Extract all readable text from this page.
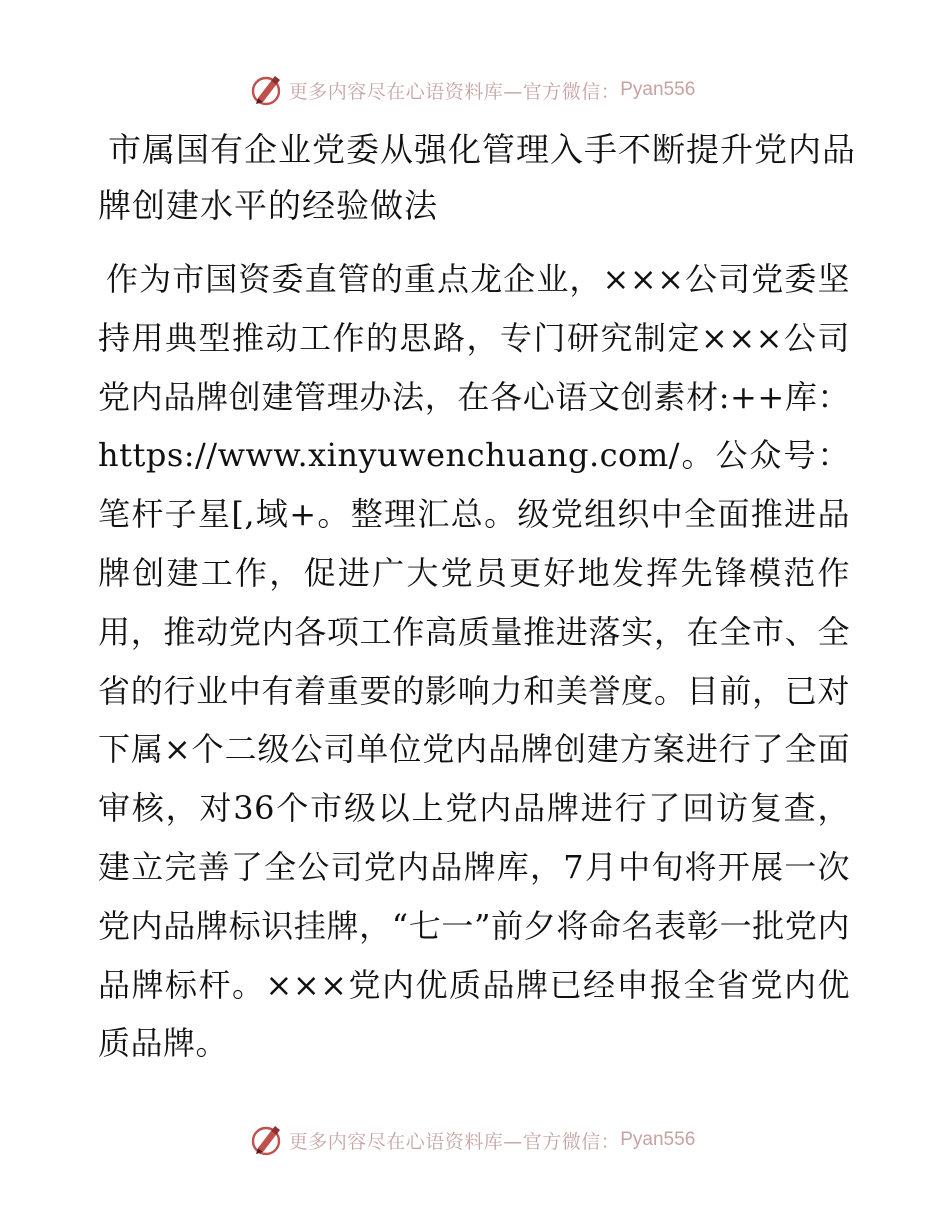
更多内容尽在心语资料库—官方微信： Pyan556
市属国有企业党委从强化管理入手不断提升党内品牌创建水平的经验做法

作为市国资委直管的重点龙企业，×××公司党委坚持用典型推动工作的思路，专门研究制定×××公司党内品牌创建管理办法，在各心语文创素材:++库：https://www.xinyuwenchuang.com/。公众号：笔杆子星[,域+。整理汇总。级党组织中全面推进品牌创建工作，促进广大党员更好地发挥先锋模范作用，推动党内各项工作高质量推进落实，在全市、全省的行业中有着重要的影响力和美誉度。目前，已对下属×个二级公司单位党内品牌创建方案进行了全面审核，对36个市级以上党内品牌进行了回访复查，建立完善了全公司党内品牌库，7月中旬将开展一次党内品牌标识挂牌，“七一”前夕将命名表彰一批党内品牌标杆。×××党内优质品牌已经申报全省党内优质品牌。

更多内容尽在心语资料库—官方微信： Pyan556
